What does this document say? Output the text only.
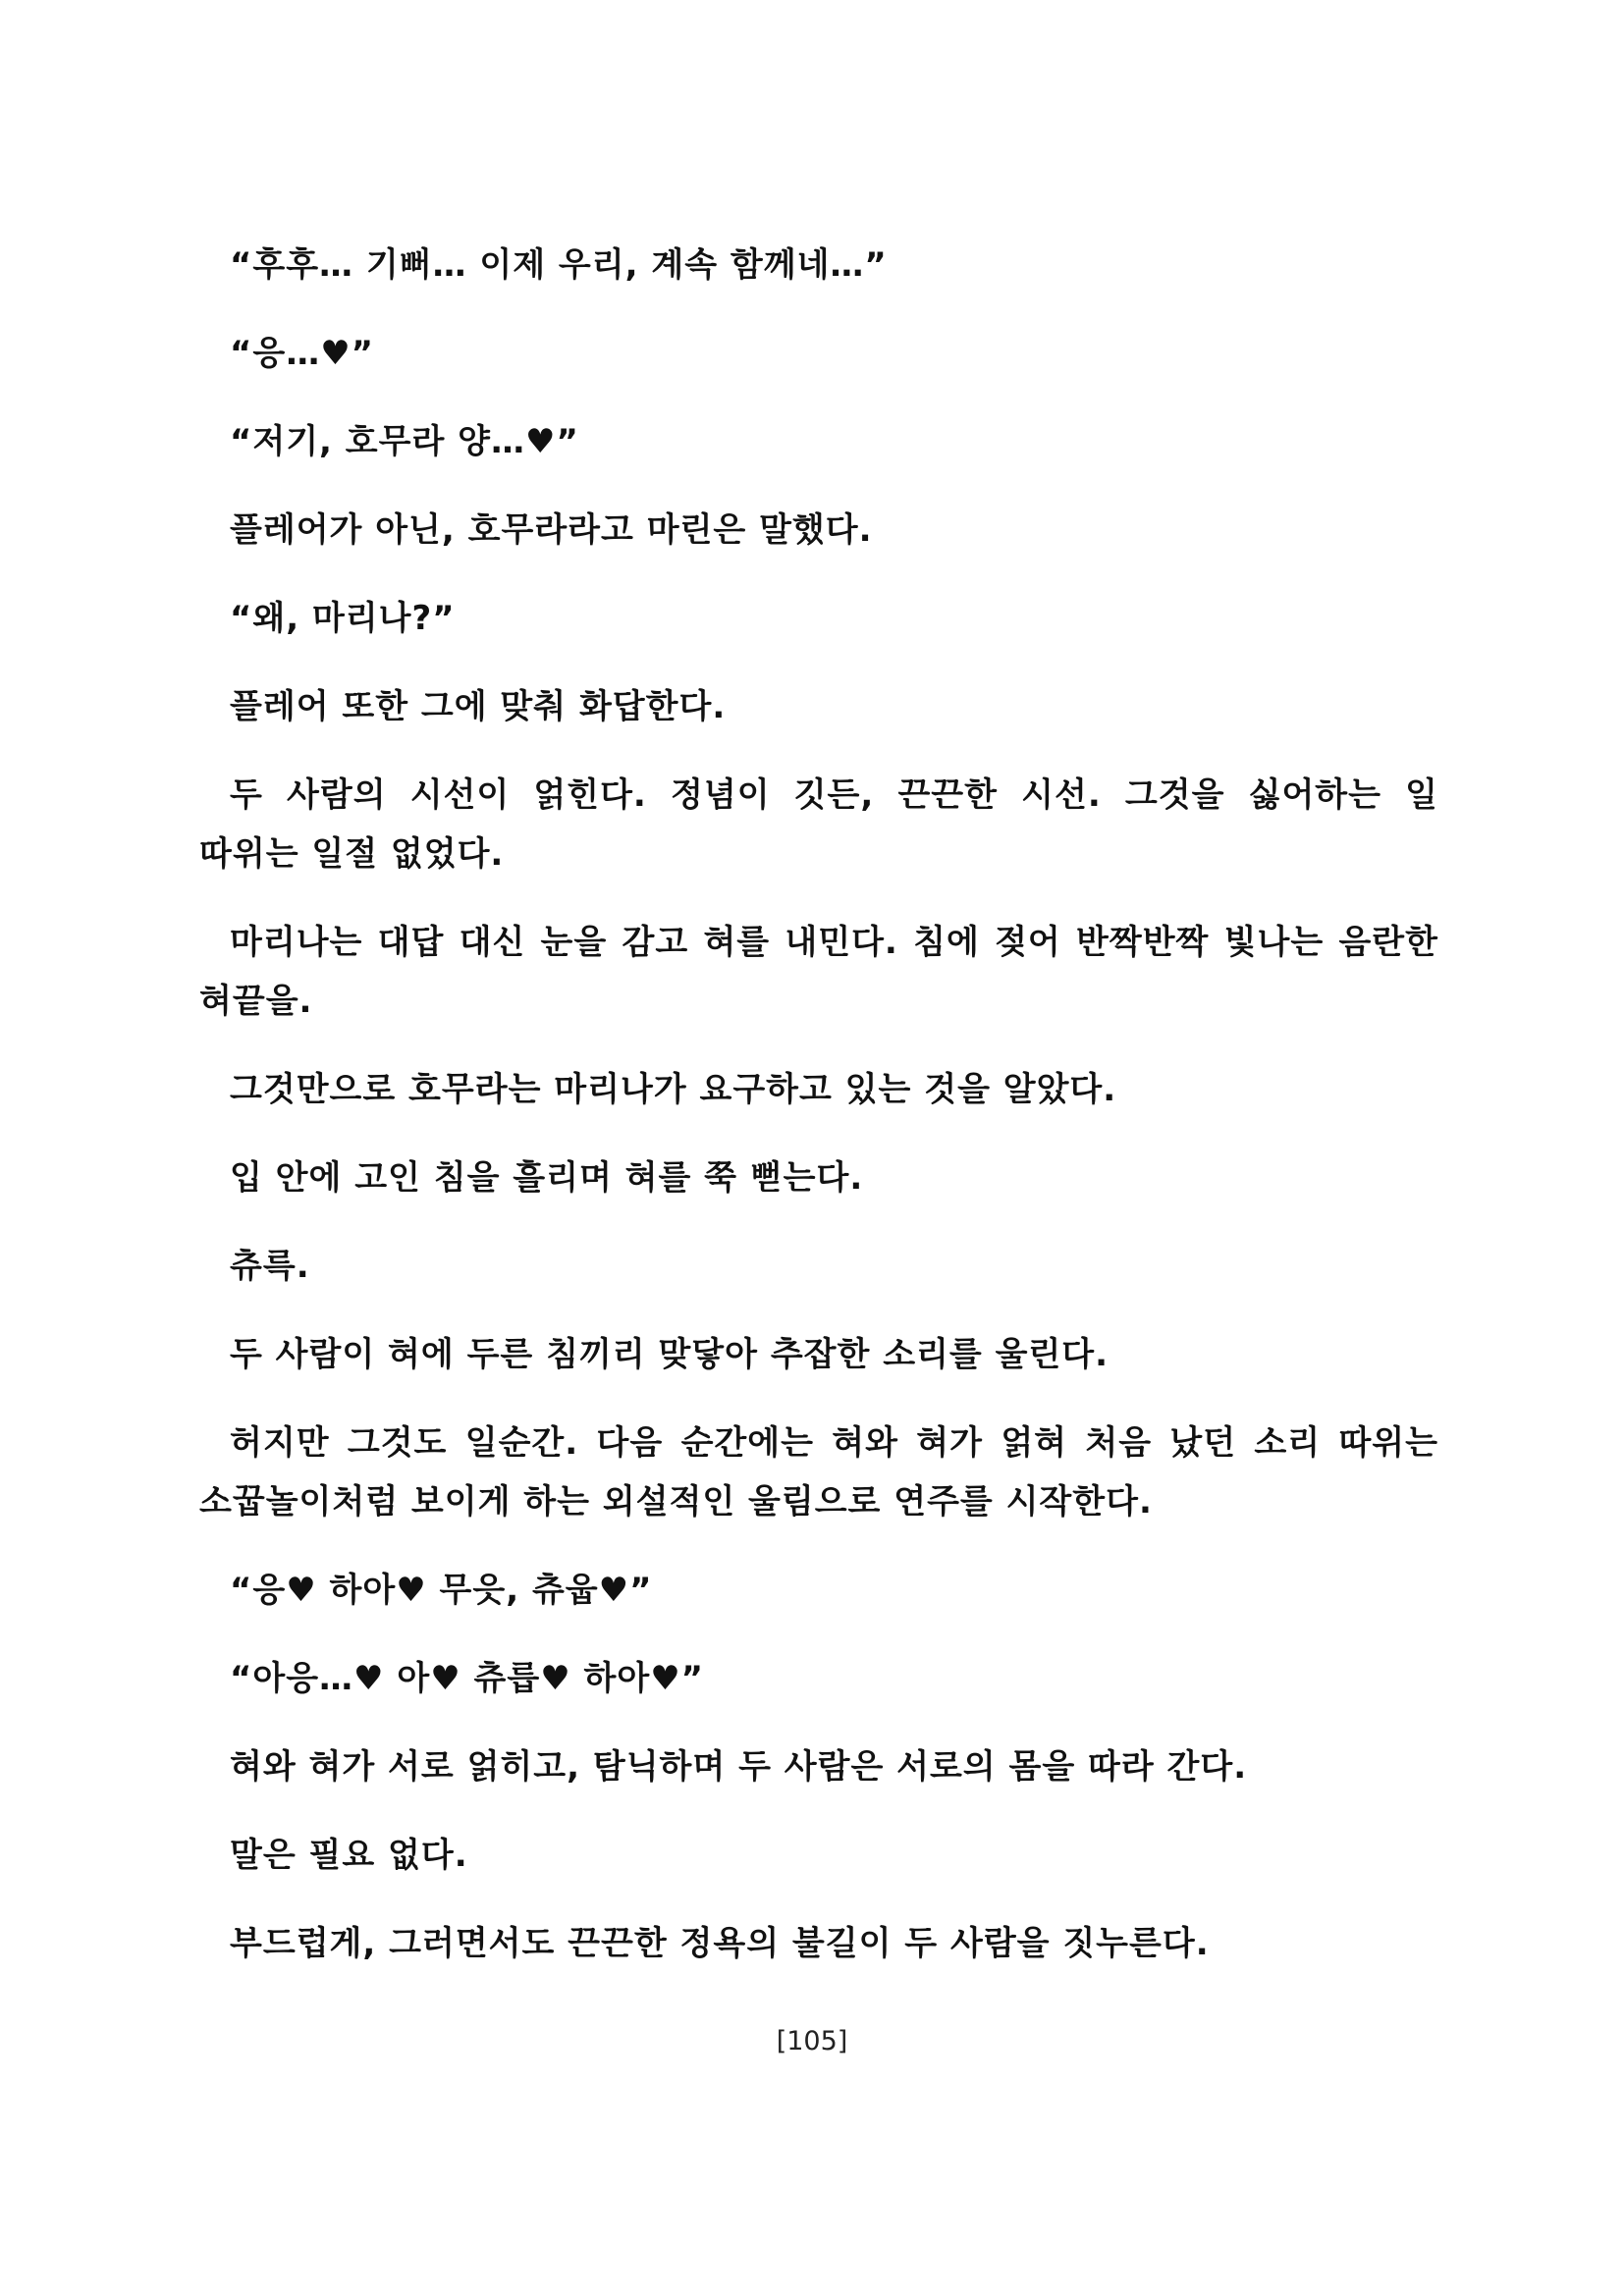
“후후… 기뻐… 이제 우리, 계속 함께네…”

“응…♥”

“저기, 호무라 양…♥”

플레어가 아닌, 호무라라고 마린은 말했다.

“왜, 마리나?”

플레어 또한 그에 맞춰 화답한다.

두 사람의 시선이 얽힌다. 정념이 깃든, 끈끈한 시선. 그것을 싫어하는 일 따위는 일절 없었다.

마리나는 대답 대신 눈을 감고 혀를 내민다. 침에 젖어 반짝반짝 빛나는 음란한 혀끝을.

그것만으로 호무라는 마리나가 요구하고 있는 것을 알았다.

입 안에 고인 침을 흘리며 혀를 쭉 뻗는다.

츄륵.

두 사람이 혀에 두른 침끼리 맞닿아 추잡한 소리를 울린다.

허지만 그것도 일순간. 다음 순간에는 혀와 혀가 얽혀 처음 났던 소리 따위는 소꿉놀이처럼 보이게 하는 외설적인 울림으로 연주를 시작한다.

“응♥ 하아♥ 무읏, 츄웁♥”

“아응…♥ 아♥ 츄릅♥ 하아♥”

혀와 혀가 서로 얽히고, 탐닉하며 두 사람은 서로의 몸을 따라 간다.

말은 필요 없다.

부드럽게, 그러면서도 끈끈한 정욕의 불길이 두 사람을 짓누른다.

[105]
